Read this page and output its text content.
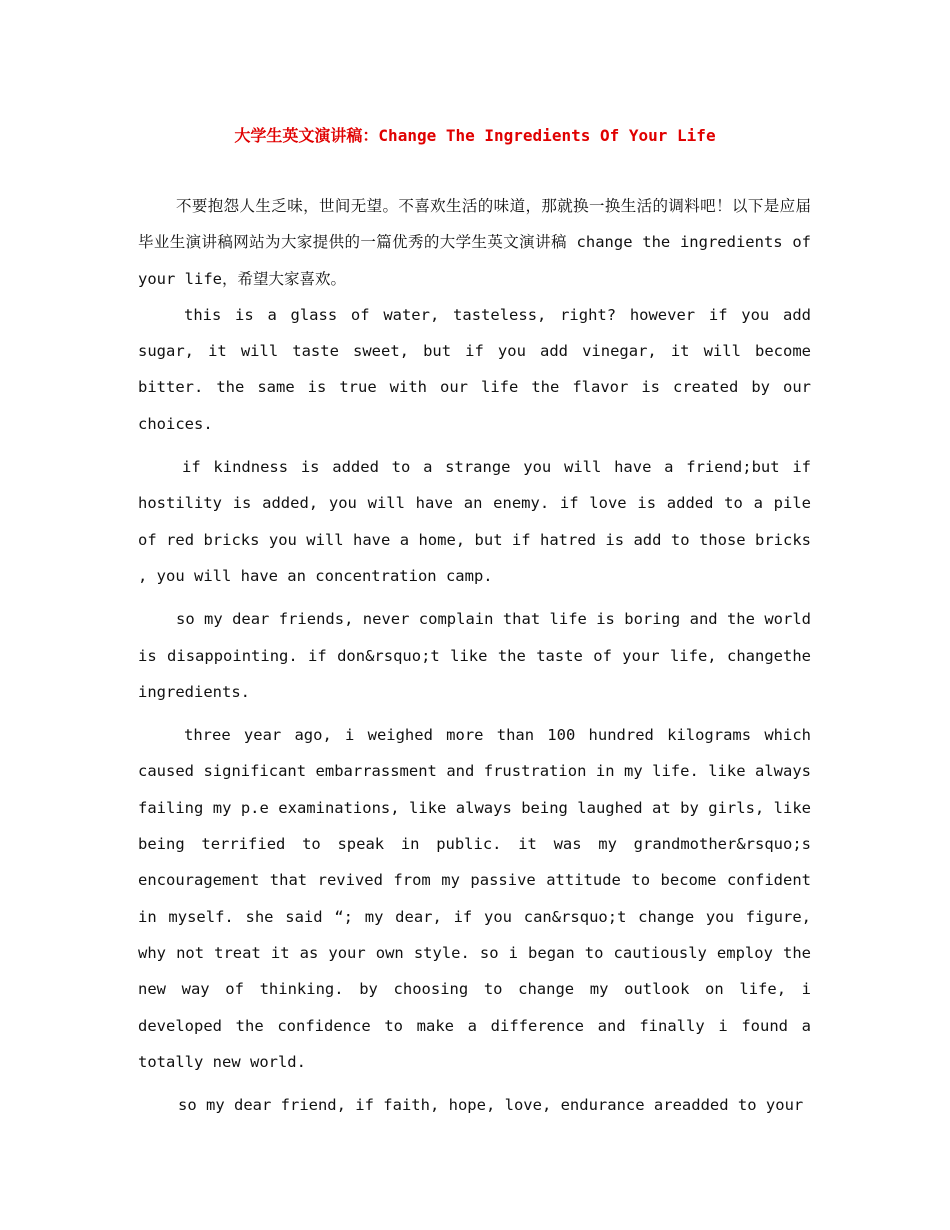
大学生英文演讲稿：Change The Ingredients Of Your Life

不要抱怨人生乏味，世间无望。不喜欢生活的味道，那就换一换生活的调料吧！以下是应届毕业生演讲稿网站为大家提供的一篇优秀的大学生英文演讲稿 change the ingredients of your life，希望大家喜欢。

this is a glass of water, tasteless, right? however if you add sugar, it will taste sweet, but if you add vinegar, it will become bitter. the same is true with our life the flavor is created by our choices.

if kindness is added to a strange you will have a friend;but if hostility is added, you will have an enemy. if love is added to a pile of red bricks you will have a home, but if hatred is add to those bricks , you will have an concentration camp.

so my dear friends, never complain that life is boring and the world is disappointing. if don&rsquo;t like the taste of your life, changethe ingredients.

three year ago, i weighed more than 100 hundred kilograms which caused significant embarrassment and frustration in my life. like always failing my p.e examinations, like always being laughed at by girls, like being terrified to speak in public. it was my grandmother&rsquo;s encouragement that revived from my passive attitude to become confident in myself. she said “; my dear, if you can&rsquo;t change you figure, why not treat it as your own style. so i began to cautiously employ the new way of thinking. by choosing to change my outlook on life, i developed the confidence to make a difference and finally i found a totally new world.

so my dear friend, if faith, hope, love, endurance areadded to your
